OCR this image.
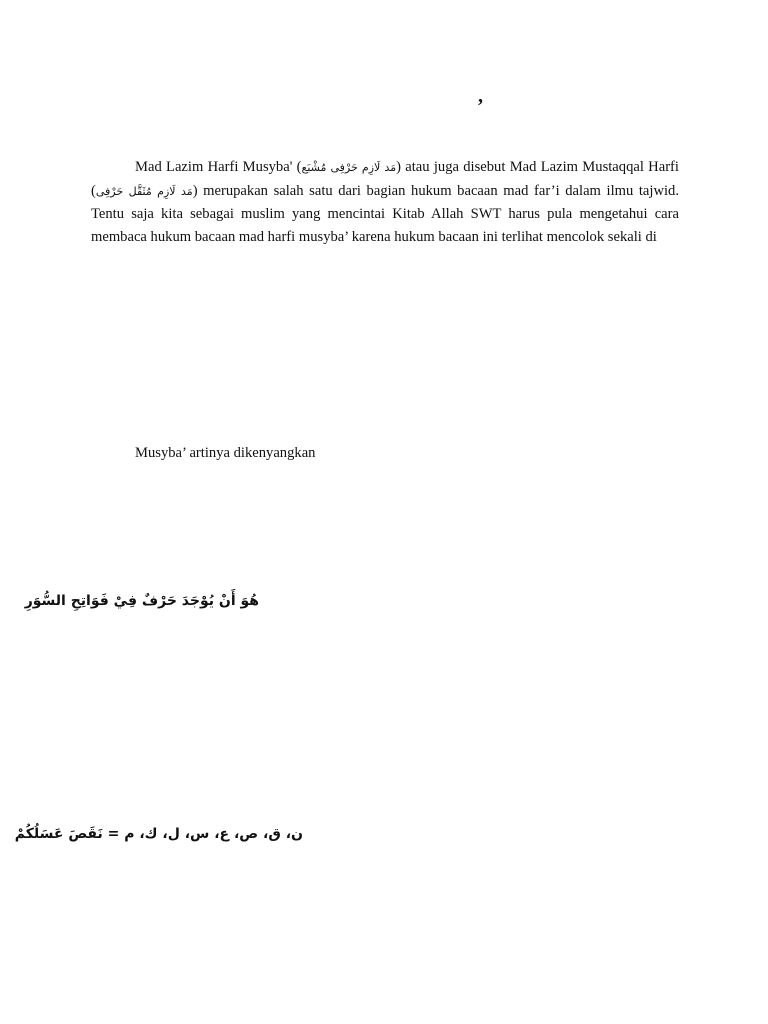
,

Mad Lazim Harfi Musyba' (مَد لَازِم حَرْفِى مُشْبَع) atau juga disebut Mad Lazim Mustaqqal Harfi (مَد لَازِم مُثَقَّل حَرْفِى) merupakan salah satu dari bagian hukum bacaan mad far’i dalam ilmu tajwid. Tentu saja kita sebagai muslim yang mencintai Kitab Allah SWT harus pula mengetahui cara membaca hukum bacaan mad harfi musyba’ karena hukum bacaan ini terlihat mencolok sekali di

Musyba’ artinya dikenyangkan

هُوَ أَنْ يُوْجَدَ حَرْفٌ فِيْ فَوَاتِحِ السُّوَرِ

ن، ق، ص، ع، س، ل، ك، م = نَقَصَ عَسَلُكُمْ
